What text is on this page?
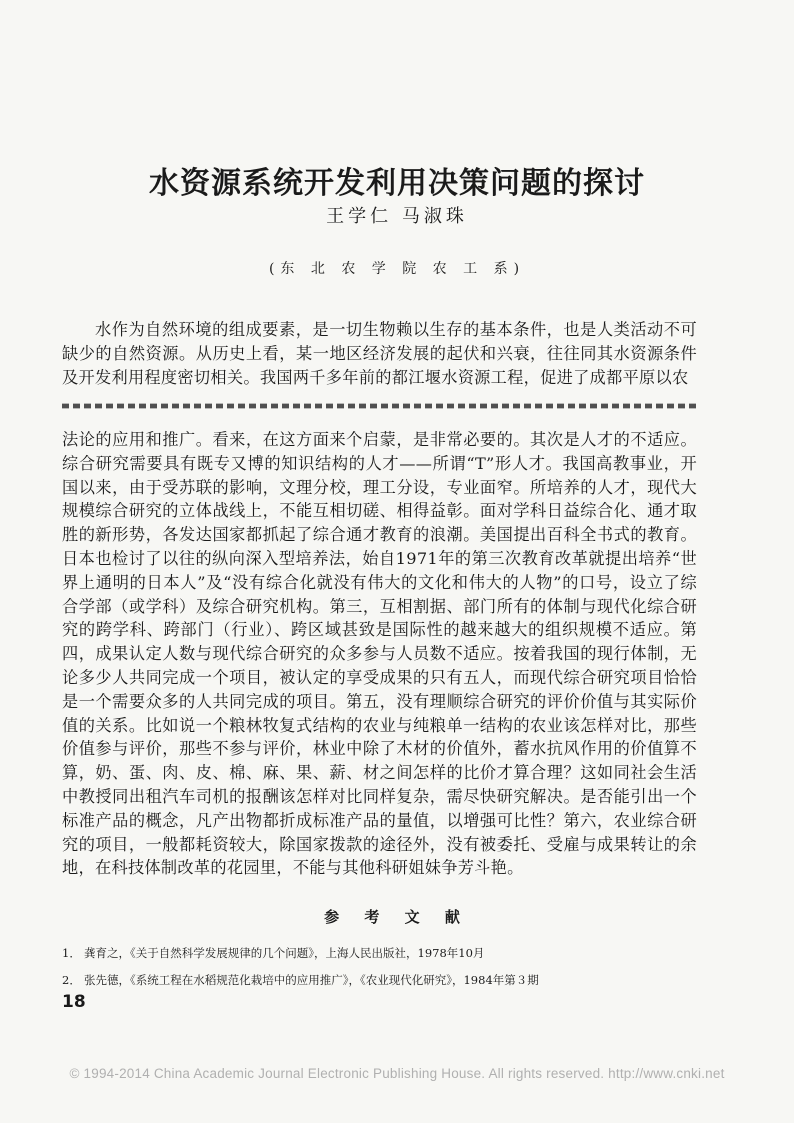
水资源系统开发利用决策问题的探讨
王学仁 马淑珠
(东 北 农 学 院 农 工 系)

水作为自然环境的组成要素，是一切生物赖以生存的基本条件，也是人类活动不可缺少的自然资源。从历史上看，某一地区经济发展的起伏和兴衰，往往同其水资源条件及开发利用程度密切相关。我国两千多年前的都江堰水资源工程，促进了成都平原以农

法论的应用和推广。看来，在这方面来个启蒙，是非常必要的。其次是人才的不适应。综合研究需要具有既专又博的知识结构的人才——所谓“T”形人才。我国高教事业，开国以来，由于受苏联的影响，文理分校，理工分设，专业面窄。所培养的人才，现代大规模综合研究的立体战线上，不能互相切磋、相得益彰。面对学科日益综合化、通才取胜的新形势，各发达国家都抓起了综合通才教育的浪潮。美国提出百科全书式的教育。日本也检讨了以往的纵向深入型培养法，始自1971年的第三次教育改革就提出培养“世界上通明的日本人”及“没有综合化就没有伟大的文化和伟大的人物”的口号，设立了综合学部（或学科）及综合研究机构。第三，互相割据、部门所有的体制与现代化综合研究的跨学科、跨部门（行业）、跨区域甚致是国际性的越来越大的组织规模不适应。第四，成果认定人数与现代综合研究的众多参与人员数不适应。按着我国的现行体制，无论多少人共同完成一个项目，被认定的享受成果的只有五人，而现代综合研究项目恰恰是一个需要众多的人共同完成的项目。第五，没有理顺综合研究的评价价值与其实际价值的关系。比如说一个粮林牧复式结构的农业与纯粮单一结构的农业该怎样对比，那些价值参与评价，那些不参与评价，林业中除了木材的价值外，蓄水抗风作用的价值算不算，奶、蛋、肉、皮、棉、麻、果、薪、材之间怎样的比价才算合理？这如同社会生活中教授同出租汽车司机的报酬该怎样对比同样复杂，需尽快研究解决。是否能引出一个标准产品的概念，凡产出物都折成标准产品的量值，以增强可比性？第六，农业综合研究的项目，一般都耗资较大，除国家拨款的途径外，没有被委托、受雇与成果转让的余地，在科技体制改革的花园里，不能与其他科研姐妹争芳斗艳。

参 考 文 献
1． 龚育之，《关于自然科学发展规律的几个问题》，上海人民出版社，1978年10月
2． 张先德，《系统工程在水稻规范化栽培中的应用推广》，《农业现代化研究》，1984年第３期
18
© 1994-2014 China Academic Journal Electronic Publishing House. All rights reserved. http://www.cnki.net
